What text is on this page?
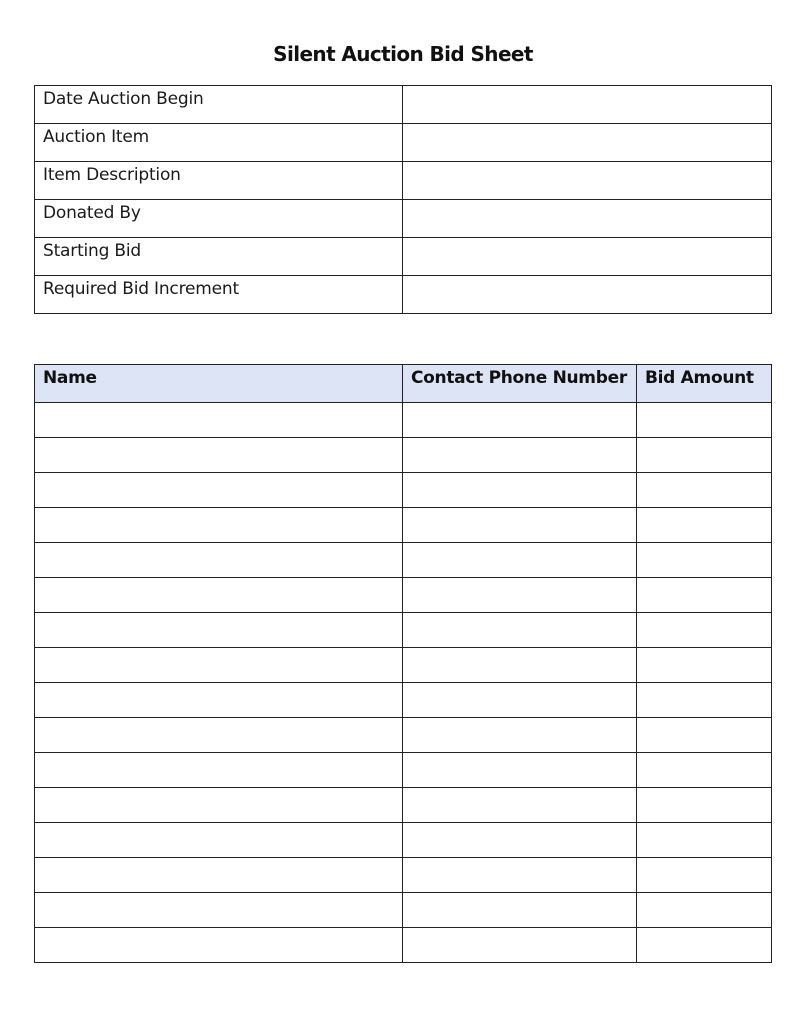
Silent Auction Bid Sheet
Date Auction Begin	
Auction Item	
Item Description	
Donated By	
Starting Bid	
Required Bid Increment	
Name	Contact Phone Number	Bid Amount
